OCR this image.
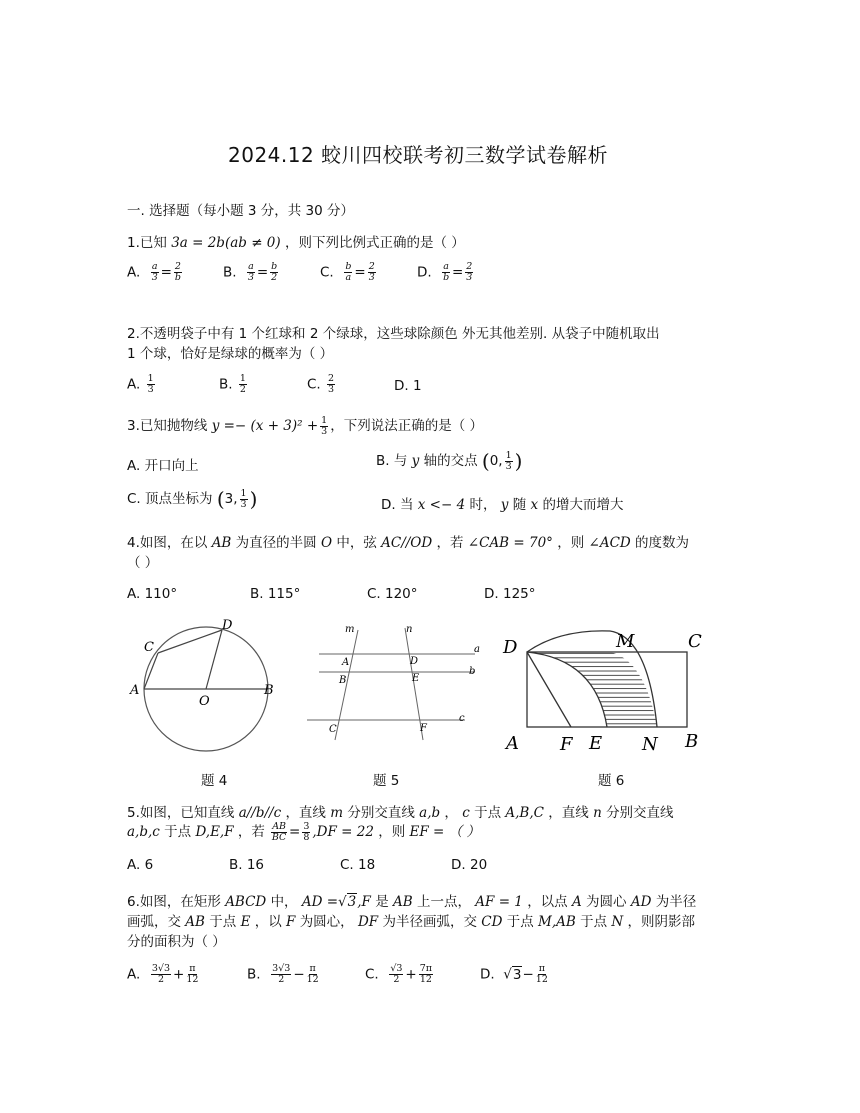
2024.12 蛟川四校联考初三数学试卷解析
一. 选择题（每小题 3 分，共 30 分）
1.已知 3a = 2b(ab ≠ 0) ，则下列比例式正确的是（ ）
A. $\frac{a}{3} = \frac{2}{b}$	B. $\frac{a}{3} = \frac{b}{2}$	C. $\frac{b}{a} = \frac{2}{3}$	D. $\frac{a}{b} = \frac{2}{3}$
2.不透明袋子中有 1 个红球和 2 个绿球，这些球除颜色 外无其他差别. 从袋子中随机取出
1 个球，恰好是绿球的概率为（ ）
A. $\frac{1}{3}$	B. $\frac{1}{2}$	C. $\frac{2}{3}$	D. 1
3.已知抛物线 $y =- (x + 3)^2 + \frac{1}{3}$ ，下列说法正确的是（ ）
A. 开口向上	B. 与 y 轴的交点 (0, $\frac{1}{3}$ )
C. 顶点坐标为 (3, $\frac{1}{3}$ )	D. 当 x <− 4 时， y 随 x 的增大而增大
4.如图，在以 AB 为直径的半圆 O 中，弦 AC//OD ，若 ∠CAB = 70° ，则 ∠ACD 的度数为
（ ）
A. 110°	B. 115°	C. 120°	D. 125°
C
D
A
O
B
题 4
m	n
a
A	D
b
B	E
c
C	F
题 5
D	M	C
A F E N B
题 6
5.如图，已知直线 a//b//c ，直线 m 分别交直线 a,b ， c 于点 A,B,C ，直线 n 分别交直线
a,b,c 于点 D,E,F ，若 $\frac{AB}{BC} = \frac{3}{8} ,DF = 22$ ，则 EF = （ ）
A. 6	B. 16	C. 18	D. 20
6.如图，在矩形 ABCD 中， AD =√3,F 是 AB 上一点， AF = 1 ，以点 A 为圆心 AD 为半径
画弧，交 AB 于点 E ，以 F 为圆心， DF 为半径画弧，交 CD 于点 M,AB 于点 N ，则阴影部
分的面积为（ ）
A. $\frac{3√3}{2} + \frac{\pi}{12}$	B. $\frac{3√3}{2} - \frac{\pi}{12}$	C. $\frac{√3}{2} + \frac{7\pi}{12}$	D. $√3- \frac{\pi}{12}$
